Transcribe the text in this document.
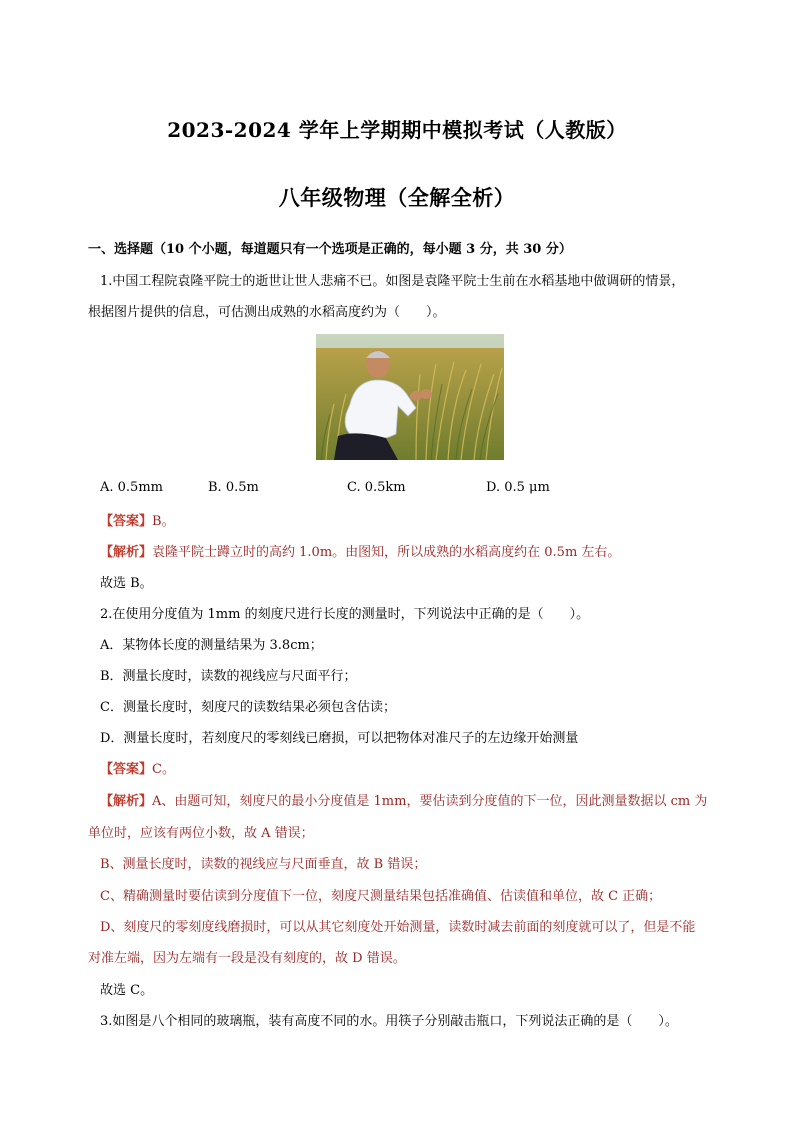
2023-2024 学年上学期期中模拟考试（人教版）
八年级物理（全解全析）
一、选择题（10 个小题，每道题只有一个选项是正确的，每小题 3 分，共 30 分）
1.中国工程院袁隆平院士的逝世让世人悲痛不已。如图是袁隆平院士生前在水稻基地中做调研的情景，
根据图片提供的信息，可估测出成熟的水稻高度约为（　　）。
A. 0.5mm	B. 0.5m	C. 0.5km	D. 0.5 μm
【答案】B。
【解析】袁隆平院士蹲立时的高约 1.0m。由图知，所以成熟的水稻高度约在 0.5m 左右。
故选 B。
2.在使用分度值为 1mm 的刻度尺进行长度的测量时，下列说法中正确的是（　　）。
A．某物体长度的测量结果为 3.8cm；
B．测量长度时，读数的视线应与尺面平行；
C．测量长度时，刻度尺的读数结果必须包含估读；
D．测量长度时，若刻度尺的零刻线已磨损，可以把物体对准尺子的左边缘开始测量
【答案】C。
【解析】A、由题可知，刻度尺的最小分度值是 1mm，要估读到分度值的下一位，因此测量数据以 cm 为
单位时，应该有两位小数，故 A 错误；
B、测量长度时，读数的视线应与尺面垂直，故 B 错误；
C、精确测量时要估读到分度值下一位，刻度尺测量结果包括准确值、估读值和单位，故 C 正确；
D、刻度尺的零刻度线磨损时，可以从其它刻度处开始测量，读数时减去前面的刻度就可以了，但是不能
对准左端，因为左端有一段是没有刻度的，故 D 错误。
故选 C。
3.如图是八个相同的玻璃瓶，装有高度不同的水。用筷子分别敲击瓶口，下列说法正确的是（　　）。
